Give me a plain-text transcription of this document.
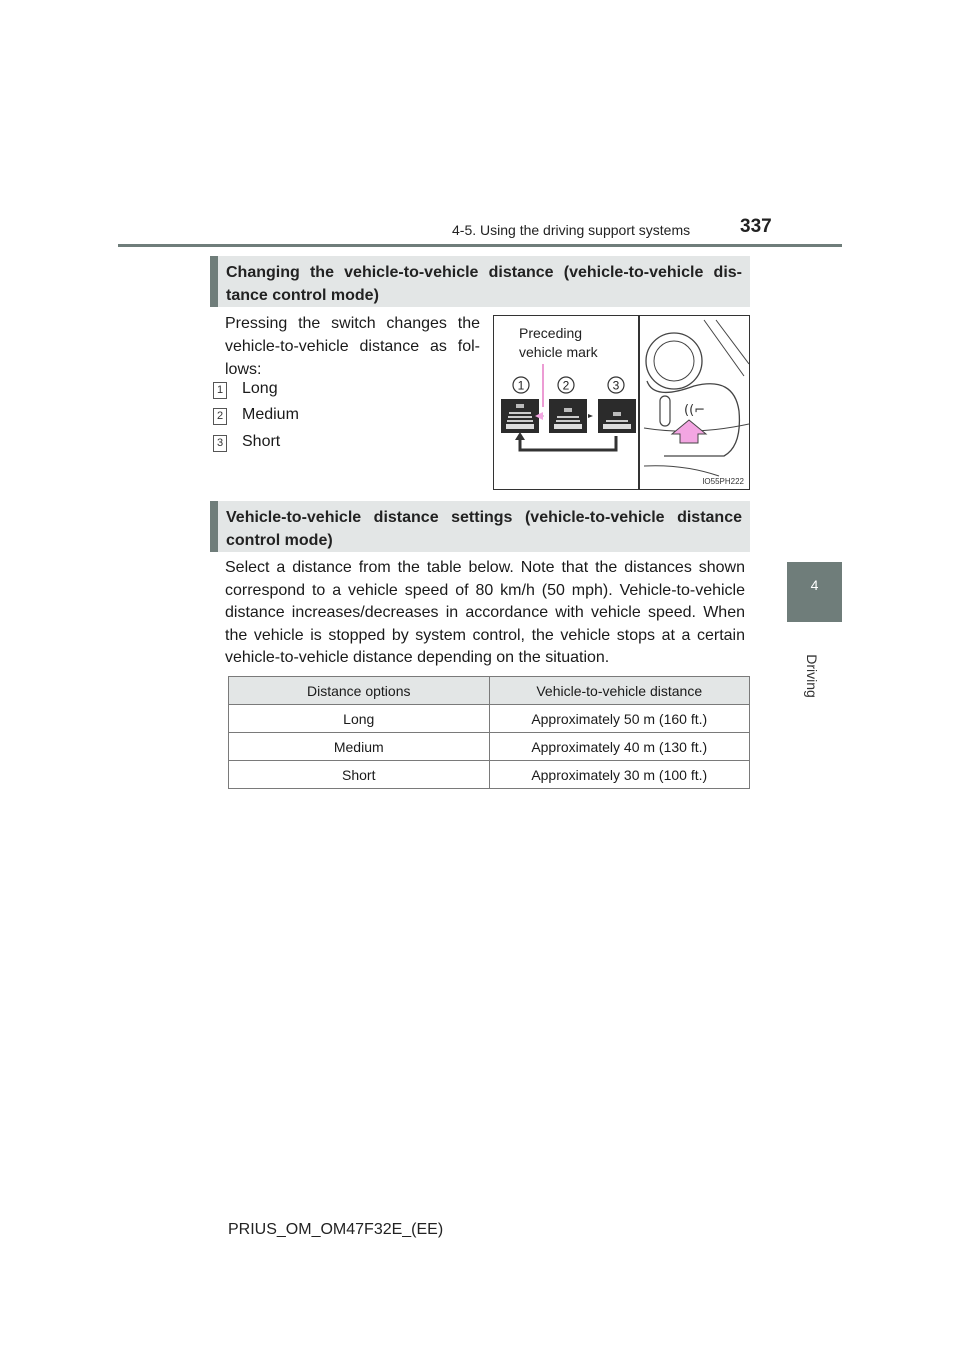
4-5. Using the driving support systems	337
4
Driving
Changing the vehicle-to-vehicle distance (vehicle-to-vehicle dis-tance control mode)
Pressing the switch changes the vehicle-to-vehicle distance as fol-lows:
1 Long
2 Medium
3 Short
Preceding
vehicle mark
1	2	3
((⌐
IO55PH222
Vehicle-to-vehicle distance settings (vehicle-to-vehicle distance control mode)
Select a distance from the table below. Note that the distances shown correspond to a vehicle speed of 80 km/h (50 mph). Vehicle-to-vehicle distance increases/decreases in accordance with vehicle speed. When the vehicle is stopped by system control, the vehicle stops at a certain vehicle-to-vehicle distance depending on the situation.
Distance options	Vehicle-to-vehicle distance
Long	Approximately 50 m (160 ft.)
Medium	Approximately 40 m (130 ft.)
Short	Approximately 30 m (100 ft.)
PRIUS_OM_OM47F32E_(EE)
